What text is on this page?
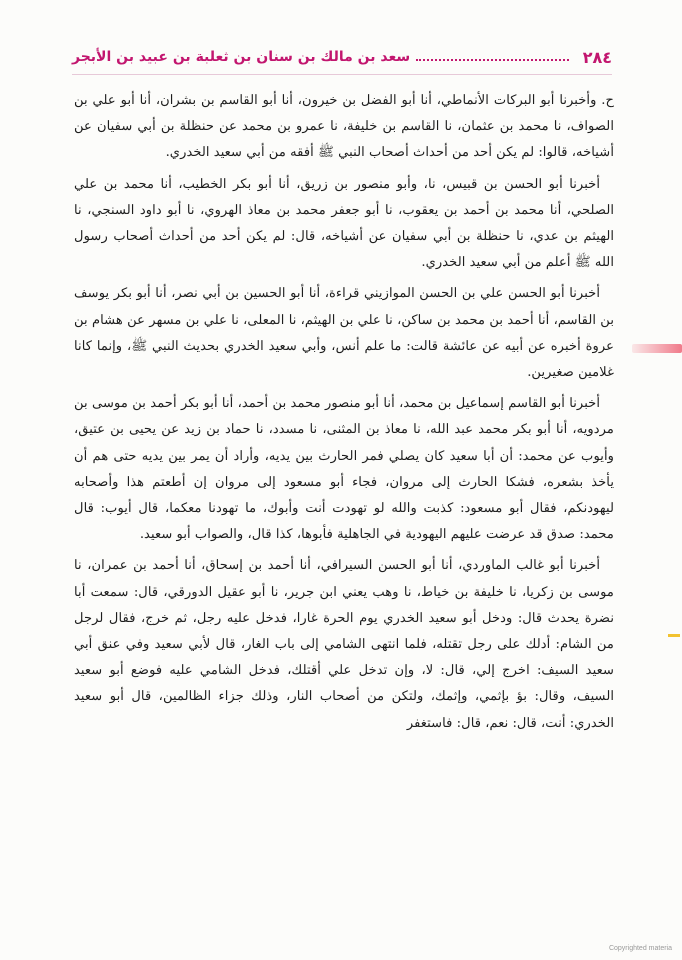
٢٨٤
سعد بن مالك بن سنان بن ثعلبة بن عبيد بن الأبجر

ح. وأخبرنا أبو البركات الأنماطي، أنا أبو الفضل بن خيرون، أنا أبو القاسم بن بشران، أنا أبو علي بن الصواف، نا محمد بن عثمان، نا القاسم بن خليفة، نا عمرو بن محمد عن حنظلة بن أبي سفيان عن أشياخه، قالوا: لم يكن أحد من أحداث أصحاب النبي ﷺ أفقه من أبي سعيد الخدري.

أخبرنا أبو الحسن بن قبيس، نا، وأبو منصور بن زريق، أنا أبو بكر الخطيب، أنا محمد بن علي الصلحي، أنا محمد بن أحمد بن يعقوب، نا أبو جعفر محمد بن معاذ الهروي، نا أبو داود السنجي، نا الهيثم بن عدي، نا حنظلة بن أبي سفيان عن أشياخه، قال: لم يكن أحد من أحداث أصحاب رسول الله ﷺ أعلم من أبي سعيد الخدري.

أخبرنا أبو الحسن علي بن الحسن الموازيني قراءة، أنا أبو الحسين بن أبي نصر، أنا أبو بكر يوسف بن القاسم، أنا أحمد بن محمد بن ساكن، نا علي بن الهيثم، نا المعلى، نا علي بن مسهر عن هشام بن عروة أخبره عن أبيه عن عائشة قالت: ما علم أنس، وأبي سعيد الخدري بحديث النبي ﷺ، وإنما كانا غلامين صغيرين.

أخبرنا أبو القاسم إسماعيل بن محمد، أنا أبو منصور محمد بن أحمد، أنا أبو بكر أحمد بن موسى بن مردويه، أنا أبو بكر محمد عبد الله، نا معاذ بن المثنى، نا مسدد، نا حماد بن زيد عن يحيى بن عتيق، وأيوب عن محمد: أن أبا سعيد كان يصلي فمر الحارث بين يديه، وأراد أن يمر بين يديه حتى هم أن يأخذ بشعره، فشكا الحارث إلى مروان، فجاء أبو مسعود إلى مروان إن أطعتم هذا وأصحابه ليهودنكم، فقال أبو مسعود: كذبت والله لو تهودت أنت وأبوك، ما تهودنا معكما، قال أيوب: قال محمد: صدق قد عرضت عليهم اليهودية في الجاهلية فأبوها، كذا قال، والصواب أبو سعيد.

أخبرنا أبو غالب الماوردي، أنا أبو الحسن السيرافي، أنا أحمد بن إسحاق، أنا أحمد بن عمران، نا موسى بن زكريا، نا خليفة بن خياط، نا وهب يعني ابن جرير، نا أبو عقيل الدورقي، قال: سمعت أبا نضرة يحدث قال: ودخل أبو سعيد الخدري يوم الحرة غارا، فدخل عليه رجل، ثم خرج، فقال لرجل من الشام: أدلك على رجل تقتله، فلما انتهى الشامي إلى باب الغار، قال لأبي سعيد وفي عنق أبي سعيد السيف: اخرج إلي، قال: لا، وإن تدخل علي أقتلك، فدخل الشامي عليه فوضع أبو سعيد السيف، وقال: بؤ بإثمي، وإثمك، ولتكن من أصحاب النار، وذلك جزاء الظالمين، قال أبو سعيد الخدري: أنت، قال: نعم، قال: فاستغفر

Copyrighted materia
